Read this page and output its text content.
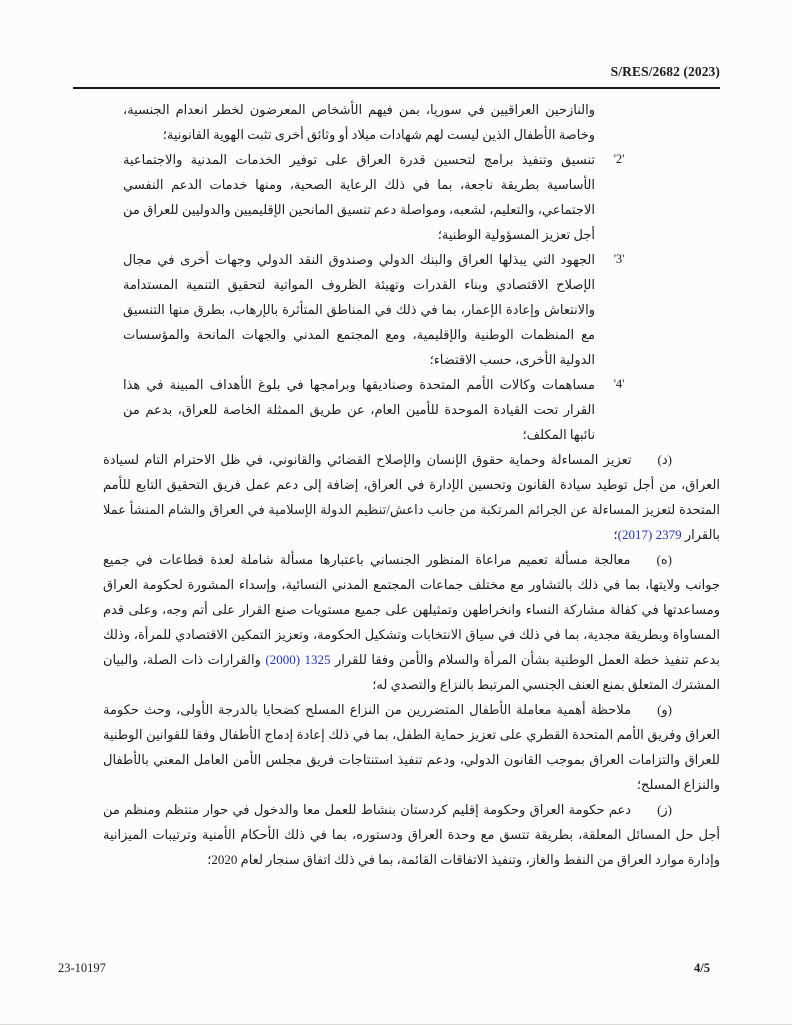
S/RES/2682 (2023)

والنازحين العراقيين في سوريا، بمن فيهم الأشخاص المعرضون لخطر انعدام الجنسية، وخاصة الأطفال الذين ليست لهم شهادات ميلاد أو وثائق أخرى تثبت الهوية القانونية؛

'2'

تنسيق وتنفيذ برامج لتحسين قدرة العراق على توفير الخدمات المدنية والاجتماعية الأساسية بطريقة ناجعة، بما في ذلك الرعاية الصحية، ومنها خدمات الدعم النفسي الاجتماعي، والتعليم، لشعبه، ومواصلة دعم تنسيق المانحين الإقليميين والدوليين للعراق من أجل تعزيز المسؤولية الوطنية؛

'3'

الجهود التي يبذلها العراق والبنك الدولي وصندوق النقد الدولي وجهات أخرى في مجال الإصلاح الاقتصادي وبناء القدرات وتهيئة الظروف المواتية لتحقيق التنمية المستدامة والانتعاش وإعادة الإعمار، بما في ذلك في المناطق المتأثرة بالإرهاب، بطرق منها التنسيق مع المنظمات الوطنية والإقليمية، ومع المجتمع المدني والجهات المانحة والمؤسسات الدولية الأخرى، حسب الاقتضاء؛

'4'

مساهمات وكالات الأمم المتحدة وصناديقها وبرامجها في بلوغ الأهداف المبينة في هذا القرار تحت القيادة الموحدة للأمين العام، عن طريق الممثلة الخاصة للعراق، بدعم من نائبها المكلف؛

(د)تعزيز المساءلة وحماية حقوق الإنسان والإصلاح القضائي والقانوني، في ظل الاحترام التام لسيادة العراق، من أجل توطيد سيادة القانون وتحسين الإدارة في العراق، إضافة إلى دعم عمل فريق التحقيق التابع للأمم المتحدة لتعزيز المساءلة عن الجرائم المرتكبة من جانب داعش/تنظيم الدولة الإسلامية في العراق والشام المنشأ عملا بالقرار 2379 (2017)؛

(ه)معالجة مسألة تعميم مراعاة المنظور الجنساني باعتبارها مسألة شاملة لعدة قطاعات في جميع جوانب ولايتها، بما في ذلك بالتشاور مع مختلف جماعات المجتمع المدني النسائية، وإسداء المشورة لحكومة العراق ومساعدتها في كفالة مشاركة النساء وانخراطهن وتمثيلهن على جميع مستويات صنع القرار على أتم وجه، وعلى قدم المساواة وبطريقة مجدية، بما في ذلك في سياق الانتخابات وتشكيل الحكومة، وتعزيز التمكين الاقتصادي للمرأة، وذلك بدعم تنفيذ خطة العمل الوطنية بشأن المرأة والسلام والأمن وفقا للقرار 1325 (2000) والقرارات ذات الصلة، والبيان المشترك المتعلق بمنع العنف الجنسي المرتبط بالنزاع والتصدي له؛

(و)ملاحظة أهمية معاملة الأطفال المتضررين من النزاع المسلح كضحايا بالدرجة الأولى، وحث حكومة العراق وفريق الأمم المتحدة القطري على تعزيز حماية الطفل، بما في ذلك إعادة إدماج الأطفال وفقا للقوانين الوطنية للعراق والتزامات العراق بموجب القانون الدولي، ودعم تنفيذ استنتاجات فريق مجلس الأمن العامل المعني بالأطفال والنزاع المسلح؛

(ز)دعم حكومة العراق وحكومة إقليم كردستان بنشاط للعمل معا والدخول في حوار منتظم ومنظم من أجل حل المسائل المعلقة، بطريقة تتسق مع وحدة العراق ودستوره، بما في ذلك الأحكام الأمنية وترتيبات الميزانية وإدارة موارد العراق من النفط والغاز، وتنفيذ الاتفاقات القائمة، بما في ذلك اتفاق سنجار لعام 2020؛

23-10197	4/5
